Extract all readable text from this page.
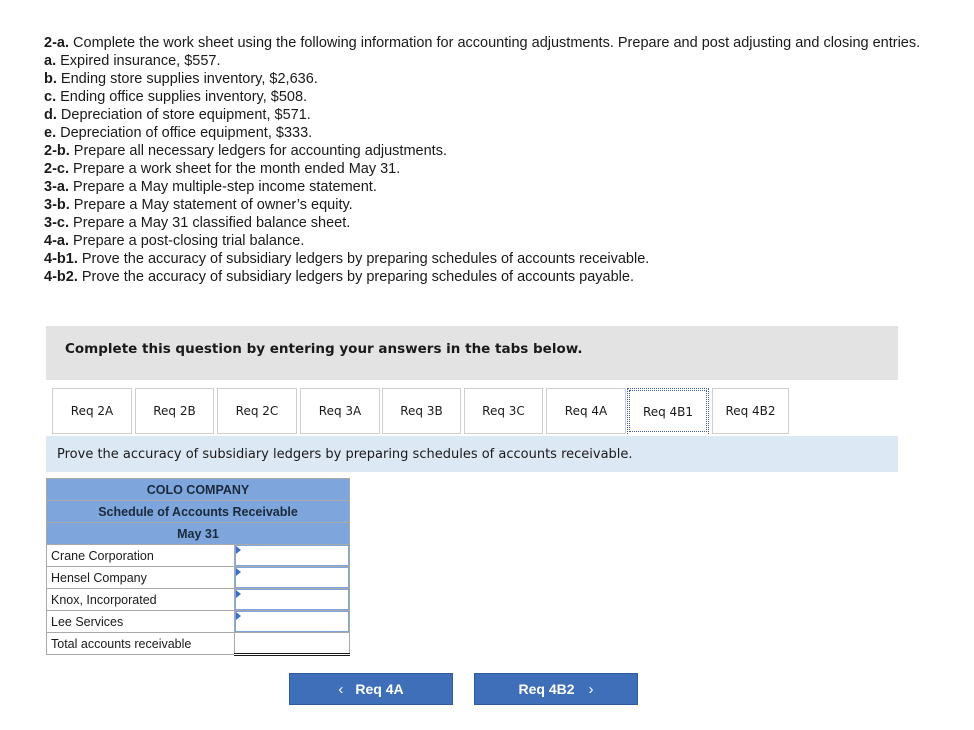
2-a. Complete the work sheet using the following information for accounting adjustments. Prepare and post adjusting and closing entries.
a. Expired insurance, $557.
b. Ending store supplies inventory, $2,636.
c. Ending office supplies inventory, $508.
d. Depreciation of store equipment, $571.
e. Depreciation of office equipment, $333.
2-b. Prepare all necessary ledgers for accounting adjustments.
2-c. Prepare a work sheet for the month ended May 31.
3-a. Prepare a May multiple-step income statement.
3-b. Prepare a May statement of owner’s equity.
3-c. Prepare a May 31 classified balance sheet.
4-a. Prepare a post-closing trial balance.
4-b1. Prove the accuracy of subsidiary ledgers by preparing schedules of accounts receivable.
4-b2. Prove the accuracy of subsidiary ledgers by preparing schedules of accounts payable.
Complete this question by entering your answers in the tabs below.
Req 2A	Req 2B	Req 2C	Req 3A	Req 3B	Req 3C	Req 4A	Req 4B1	Req 4B2
Prove the accuracy of subsidiary ledgers by preparing schedules of accounts receivable.
COLO COMPANY	
Schedule of Accounts Receivable	
May 31	
Crane Corporation	

Hensel Company	

Knox, Incorporated	

Lee Services	

Total accounts receivable	
‹ Req 4A	Req 4B2 ›
